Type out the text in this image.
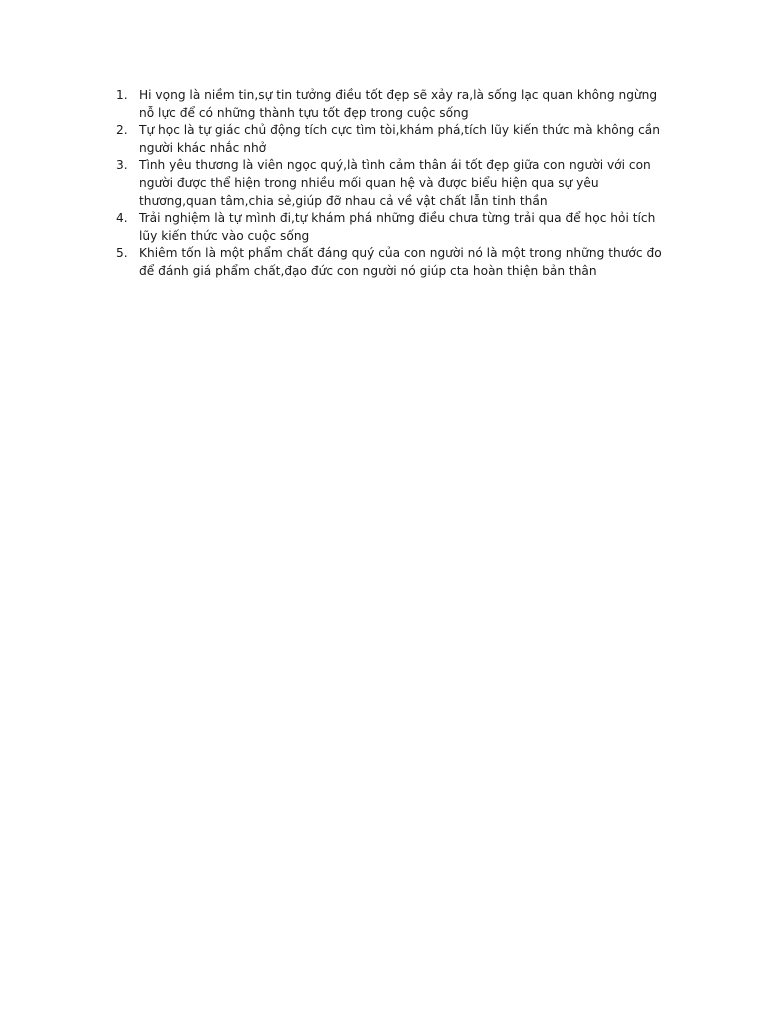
1. Hi vọng là niềm tin,sự tin tưởng điều tốt đẹp sẽ xảy ra,là sống lạc quan không ngừng nỗ lực để có những thành tựu tốt đẹp trong cuộc sống
2. Tự học là tự giác chủ động tích cực tìm tòi,khám phá,tích lũy kiến thức mà không cần người khác nhắc nhở
3. Tình yêu thương là viên ngọc quý,là tình cảm thân ái tốt đẹp giữa con người với con người được thể hiện trong nhiều mối quan hệ và được biểu hiện qua sự yêu thương,quan tâm,chia sẻ,giúp đỡ nhau cả về vật chất lẫn tinh thần
4. Trải nghiệm là tự mình đi,tự khám phá những điều chưa từng trải qua để học hỏi tích lũy kiến thức vào cuộc sống
5. Khiêm tốn là một phẩm chất đáng quý của con người nó là một trong những thước đo để đánh giá phẩm chất,đạo đức con người nó giúp cta hoàn thiện bản thân
